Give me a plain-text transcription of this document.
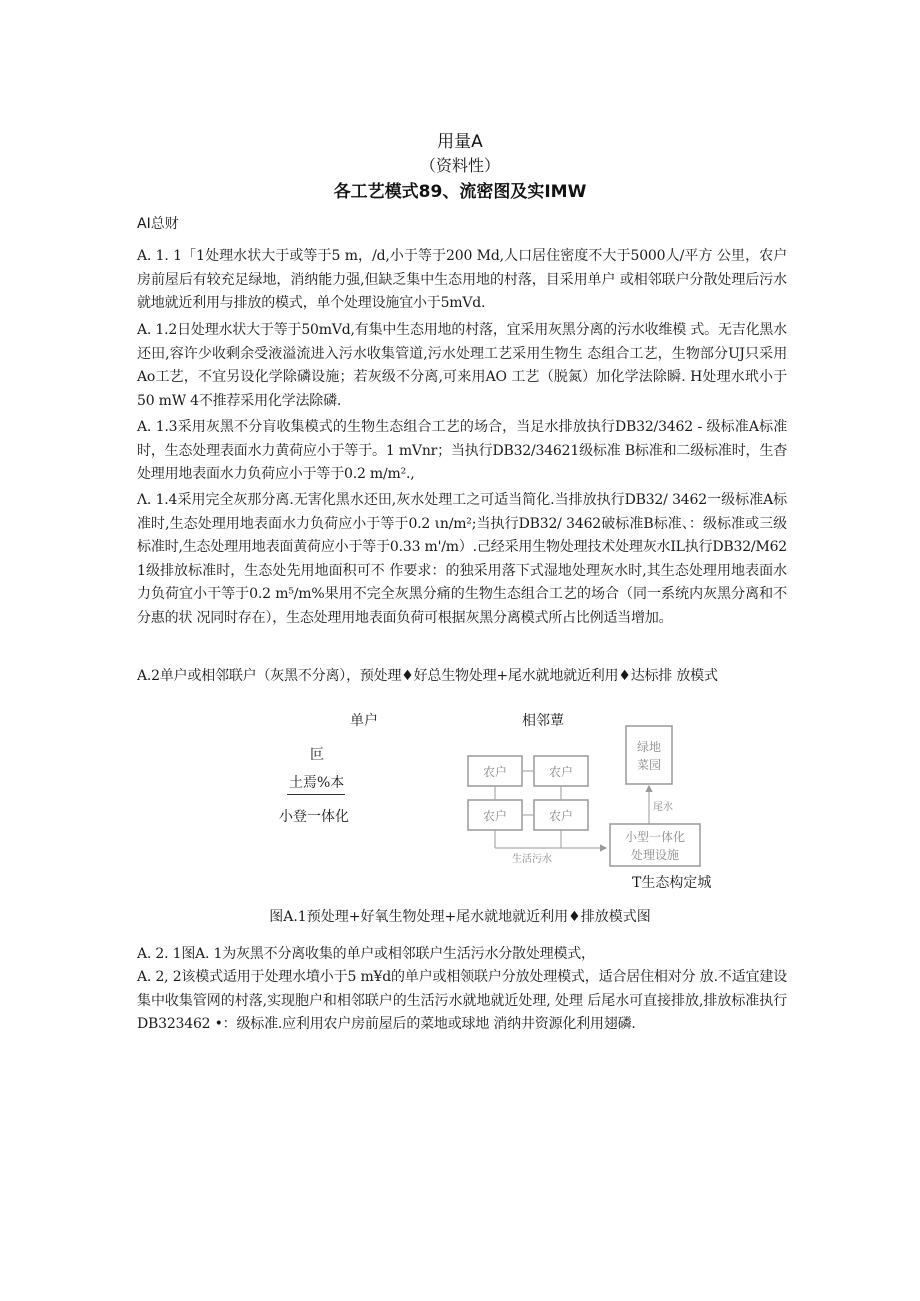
用量A
（资料性）
各工艺模式89、流密图及实IMW
AI总财

A. 1. 1「1处理水状大于或等于5 m，/d,小于等于200 Md,人口居住密度不大于5000人/平方 公里，农户房前屋后有较充足绿地，消纳能力强,但缺乏集中生态用地的村落，目采用单户 或相邻联户分散处理后污水就地就近利用与排放的模式，单个处理设施宜小于5mVd.

A. 1.2日处理水状大于等于50mVd,有集中生态用地的村落，宜采用灰黑分离的污水收维模 式。无吉化黑水还田,容许少收剩余受液溢流进入污水收集管道,污水处理工艺采用生物生 态组合工艺，生物部分UJ只采用Ao工艺，不宜另设化学除磷设施；若灰级不分离,可来用AO 工艺（脱氮）加化学法除瞬. H处理水玳小于50 mW 4不推荐采用化学法除磷.

A. 1.3采用灰黑不分肓收集模式的生物生态组合工艺的场合，当足水排放执行DB32/3462 - 级标准A标准时，生态处理表面水力黄荷应小于等于。1 mVnr；当执行DB32/34621级标准 B标准和二级标准时，生杳处理用地表面水力负荷应小于等于0.2 m∕m².,

Λ. 1.4采用完全灰那分离.无害化黑水还田,灰水处理工之可适当简化.当排放执行DB32/ 3462一级标准A标准时,生态处理用地表面水力负荷应小于等于0.2 ιn∕m²;当执行DB32/ 3462破标准B标准、：级标准或三级标准时,生态处理用地表面黄荷应小于等于0.33 m'/m）.己经采用生物处理技术处理灰水IL执行DB32/M62 1级排放标准时，生态处先用地面积可不 作要求：的独采用落下式湿地处理灰水时,其生态处理用地表面水力负荷宜小干等于0.2 m⁵∕m%果用不完全灰黑分痛的生物生态组合工艺的场合（同一系统内灰黑分离和不分惠的状 况同时存在），生态处理用地表面负荷可根据灰黑分离模式所占比例适当增加。

A.2单户或相邻联户（灰黑不分离），预处理♦好总生物处理+尾水就地就近利用♦达标排 放模式

单户	相邻蕈
叵
土焉%本
小登一体化
农户	农户
农户	农户
生活污水
绿地
菜园
尾水
小型一体化
处理设施
T生态构定城
图A.1预处理+好氧生物处理+尾水就地就近利用♦排放模式图

A. 2. 1图A. 1为灰黑不分离收集的单户或相邻联户生活污水分散处理模式，

A. 2, 2该模式适用于处理水墳小于5 m¥d的单户或相领联户分放处理模式，适合居住相对分 放.不适宜建设集中收集管网的村落,实现胞户和相邻联户的生活污水就地就近处理, 处理 后尾水可直接排放,排放标准执行DB323462 •：级标准.应利用农户房前屋后的菜地或球地 消纳井资源化利用翅磷.
